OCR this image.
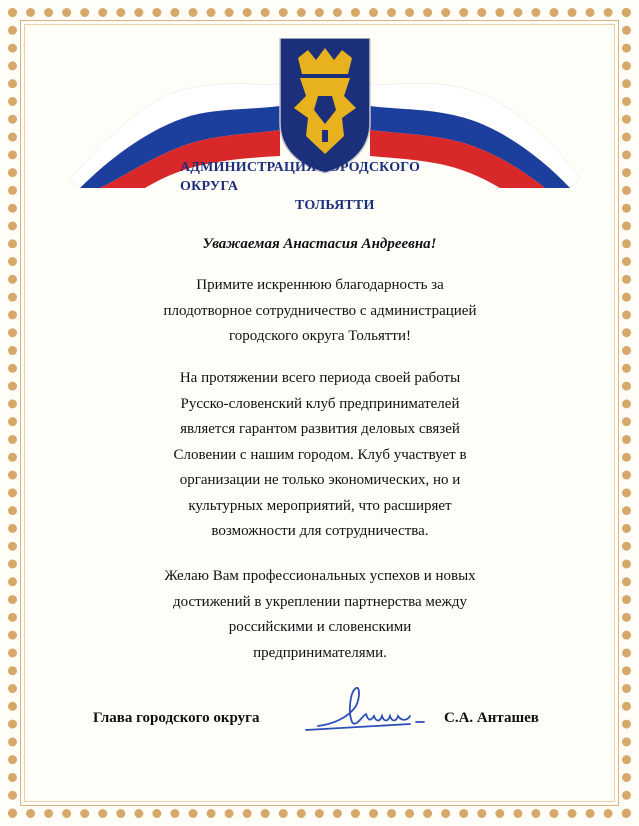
АДМИНИСТРАЦИЯ ГОРОДСКОГО ОКРУГА
ТОЛЬЯТТИ
Уважаемая Анастасия Андреевна!
Примите искреннюю благодарность за
плодотворное сотрудничество с администрацией
городского округа Тольятти!
На протяжении всего периода своей работы
Русско-словенский клуб предпринимателей
является гарантом развития деловых связей
Словении с нашим городом. Клуб участвует в
организации не только экономических, но и
культурных мероприятий, что расширяет
возможности для сотрудничества.
Желаю Вам профессиональных успехов и новых
достижений в укреплении партнерства между
российскими и словенскими
предпринимателями.
Глава городского округа	С.А. Анташев
